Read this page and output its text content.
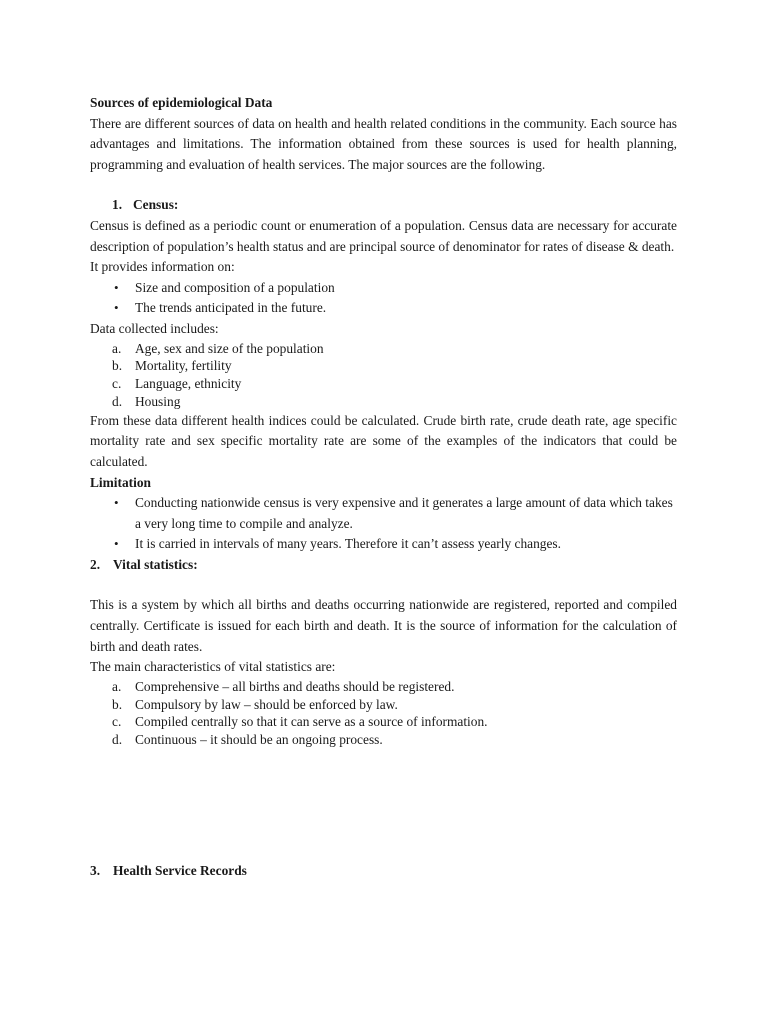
Sources of epidemiological Data

There are different sources of data on health and health related conditions in the community. Each source has advantages and limitations. The information obtained from these sources is used for health planning, programming and evaluation of health services. The major sources are the following.

1. Census:

Census is defined as a periodic count or enumeration of a population. Census data are necessary for accurate description of population’s health status and are principal source of denominator for rates of disease & death.

It provides information on:

• Size and composition of a population
• The trends anticipated in the future.

Data collected includes:

a. Age, sex and size of the population
b. Mortality, fertility
c. Language, ethnicity
d. Housing

From these data different health indices could be calculated. Crude birth rate, crude death rate, age specific mortality rate and sex specific mortality rate are some of the examples of the indicators that could be calculated.

Limitation

• Conducting nationwide census is very expensive and it generates a large amount of data which takes a very long time to compile and analyze.
• It is carried in intervals of many years. Therefore it can’t assess yearly changes.

2. Vital statistics:

This is a system by which all births and deaths occurring nationwide are registered, reported and compiled centrally. Certificate is issued for each birth and death. It is the source of information for the calculation of birth and death rates.

The main characteristics of vital statistics are:

a. Comprehensive – all births and deaths should be registered.
b. Compulsory by law – should be enforced by law.
c. Compiled centrally so that it can serve as a source of information.
d. Continuous – it should be an ongoing process.

3. Health Service Records
